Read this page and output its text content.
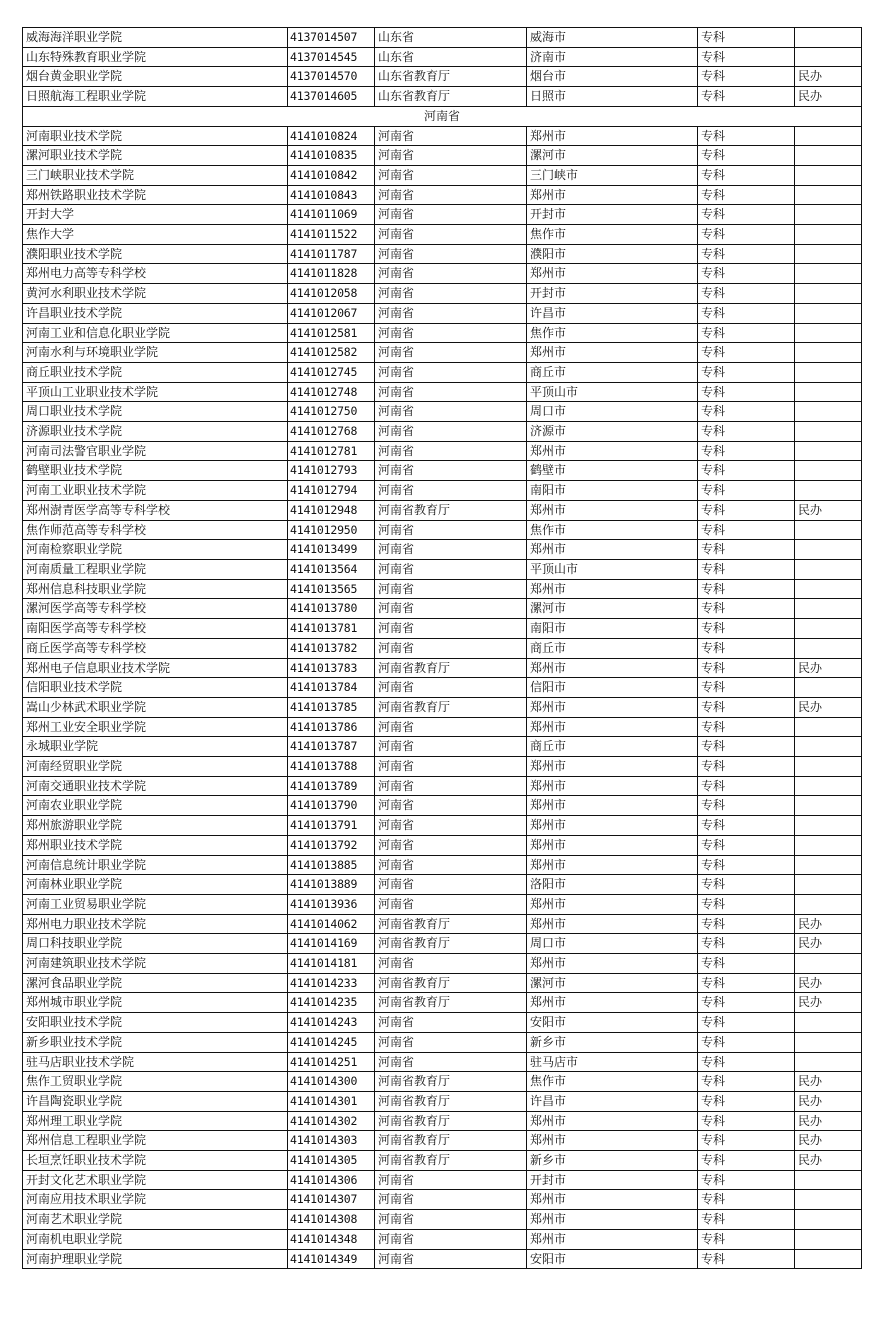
威海海洋职业学院	4137014507	山东省	威海市	专科	
山东特殊教育职业学院	4137014545	山东省	济南市	专科	
烟台黄金职业学院	4137014570	山东省教育厅	烟台市	专科	民办
日照航海工程职业学院	4137014605	山东省教育厅	日照市	专科	民办
河南省					
河南职业技术学院	4141010824	河南省	郑州市	专科	
漯河职业技术学院	4141010835	河南省	漯河市	专科	
三门峡职业技术学院	4141010842	河南省	三门峡市	专科	
郑州铁路职业技术学院	4141010843	河南省	郑州市	专科	
开封大学	4141011069	河南省	开封市	专科	
焦作大学	4141011522	河南省	焦作市	专科	
濮阳职业技术学院	4141011787	河南省	濮阳市	专科	
郑州电力高等专科学校	4141011828	河南省	郑州市	专科	
黄河水利职业技术学院	4141012058	河南省	开封市	专科	
许昌职业技术学院	4141012067	河南省	许昌市	专科	
河南工业和信息化职业学院	4141012581	河南省	焦作市	专科	
河南水利与环境职业学院	4141012582	河南省	郑州市	专科	
商丘职业技术学院	4141012745	河南省	商丘市	专科	
平顶山工业职业技术学院	4141012748	河南省	平顶山市	专科	
周口职业技术学院	4141012750	河南省	周口市	专科	
济源职业技术学院	4141012768	河南省	济源市	专科	
河南司法警官职业学院	4141012781	河南省	郑州市	专科	
鹤壁职业技术学院	4141012793	河南省	鹤壁市	专科	
河南工业职业技术学院	4141012794	河南省	南阳市	专科	
郑州澍青医学高等专科学校	4141012948	河南省教育厅	郑州市	专科	民办
焦作师范高等专科学校	4141012950	河南省	焦作市	专科	
河南检察职业学院	4141013499	河南省	郑州市	专科	
河南质量工程职业学院	4141013564	河南省	平顶山市	专科	
郑州信息科技职业学院	4141013565	河南省	郑州市	专科	
漯河医学高等专科学校	4141013780	河南省	漯河市	专科	
南阳医学高等专科学校	4141013781	河南省	南阳市	专科	
商丘医学高等专科学校	4141013782	河南省	商丘市	专科	
郑州电子信息职业技术学院	4141013783	河南省教育厅	郑州市	专科	民办
信阳职业技术学院	4141013784	河南省	信阳市	专科	
嵩山少林武术职业学院	4141013785	河南省教育厅	郑州市	专科	民办
郑州工业安全职业学院	4141013786	河南省	郑州市	专科	
永城职业学院	4141013787	河南省	商丘市	专科	
河南经贸职业学院	4141013788	河南省	郑州市	专科	
河南交通职业技术学院	4141013789	河南省	郑州市	专科	
河南农业职业学院	4141013790	河南省	郑州市	专科	
郑州旅游职业学院	4141013791	河南省	郑州市	专科	
郑州职业技术学院	4141013792	河南省	郑州市	专科	
河南信息统计职业学院	4141013885	河南省	郑州市	专科	
河南林业职业学院	4141013889	河南省	洛阳市	专科	
河南工业贸易职业学院	4141013936	河南省	郑州市	专科	
郑州电力职业技术学院	4141014062	河南省教育厅	郑州市	专科	民办
周口科技职业学院	4141014169	河南省教育厅	周口市	专科	民办
河南建筑职业技术学院	4141014181	河南省	郑州市	专科	
漯河食品职业学院	4141014233	河南省教育厅	漯河市	专科	民办
郑州城市职业学院	4141014235	河南省教育厅	郑州市	专科	民办
安阳职业技术学院	4141014243	河南省	安阳市	专科	
新乡职业技术学院	4141014245	河南省	新乡市	专科	
驻马店职业技术学院	4141014251	河南省	驻马店市	专科	
焦作工贸职业学院	4141014300	河南省教育厅	焦作市	专科	民办
许昌陶瓷职业学院	4141014301	河南省教育厅	许昌市	专科	民办
郑州理工职业学院	4141014302	河南省教育厅	郑州市	专科	民办
郑州信息工程职业学院	4141014303	河南省教育厅	郑州市	专科	民办
长垣烹饪职业技术学院	4141014305	河南省教育厅	新乡市	专科	民办
开封文化艺术职业学院	4141014306	河南省	开封市	专科	
河南应用技术职业学院	4141014307	河南省	郑州市	专科	
河南艺术职业学院	4141014308	河南省	郑州市	专科	
河南机电职业学院	4141014348	河南省	郑州市	专科	
河南护理职业学院	4141014349	河南省	安阳市	专科	
